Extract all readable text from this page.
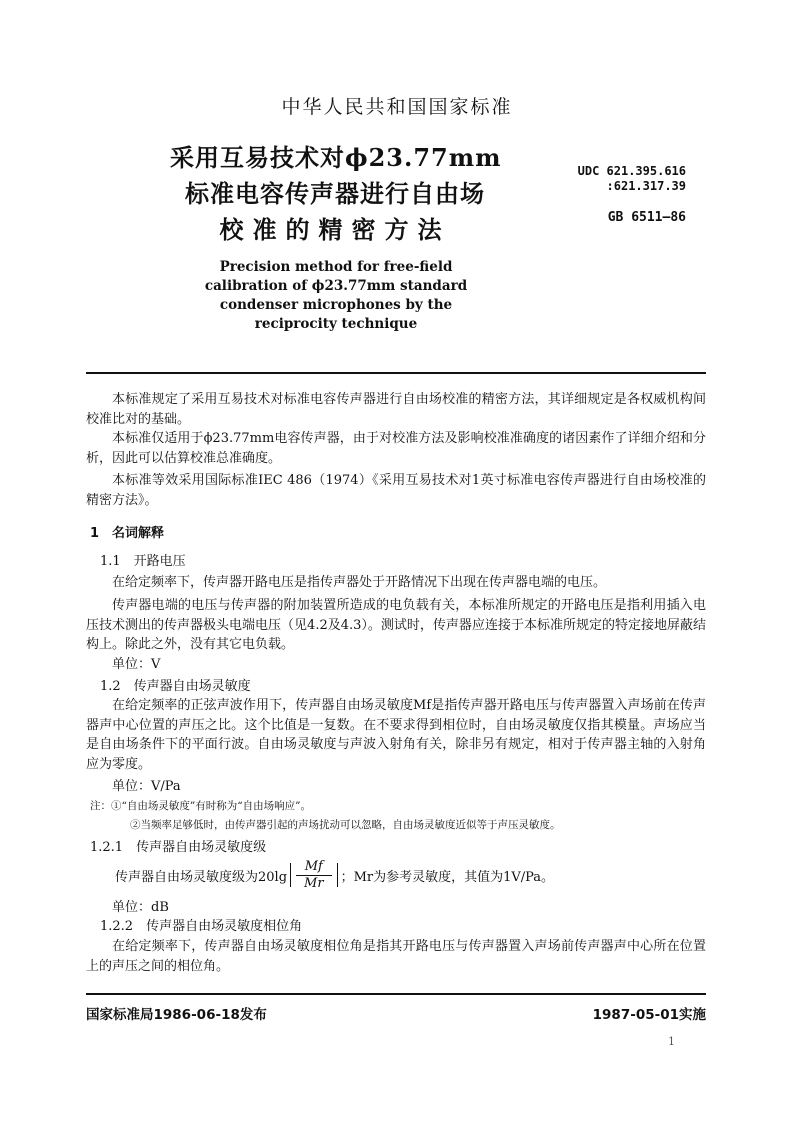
中华人民共和国国家标准
采用互易技术对ϕ23.77mm
标准电容传声器进行自由场
校准的精密方法
Precision method for free-field
calibration of ϕ23.77mm standard
condenser microphones by the
reciprocity technique
UDC 621.395.616
:621.317.39
GB 6511—86
本标准规定了采用互易技术对标准电容传声器进行自由场校准的精密方法，其详细规定是各权威机构间校准比对的基础。
本标准仅适用于ϕ23.77mm电容传声器，由于对校准方法及影响校准准确度的诸因素作了详细介绍和分析，因此可以估算校准总准确度。
本标准等效采用国际标准IEC 486（1974）《采用互易技术对1英寸标准电容传声器进行自由场校准的精密方法》。
1　名词解释
1.1　开路电压
在给定频率下，传声器开路电压是指传声器处于开路情况下出现在传声器电端的电压。
传声器电端的电压与传声器的附加装置所造成的电负载有关，本标准所规定的开路电压是指利用插入电压技术测出的传声器极头电端电压（见4.2及4.3）。测试时，传声器应连接于本标准所规定的特定接地屏蔽结构上。除此之外，没有其它电负载。
单位：V
1.2　传声器自由场灵敏度
在给定频率的正弦声波作用下，传声器自由场灵敏度Mf是指传声器开路电压与传声器置入声场前在传声器声中心位置的声压之比。这个比值是一复数。在不要求得到相位时，自由场灵敏度仅指其模量。声场应当是自由场条件下的平面行波。自由场灵敏度与声波入射角有关，除非另有规定，相对于传声器主轴的入射角应为零度。
单位：V/Pa
注：①“自由场灵敏度”有时称为“自由场响应”。
②当频率足够低时，由传声器引起的声场扰动可以忽略，自由场灵敏度近似等于声压灵敏度。
1.2.1　传声器自由场灵敏度级
传声器自由场灵敏度级为$20\lg \frac{Mf}{Mr}$ ；Mr为参考灵敏度，其值为1V/Pa。
单位：dB
1.2.2　传声器自由场灵敏度相位角
在给定频率下，传声器自由场灵敏度相位角是指其开路电压与传声器置入声场前传声器声中心所在位置上的声压之间的相位角。
国家标准局1986-06-18发布	1987-05-01实施
1
